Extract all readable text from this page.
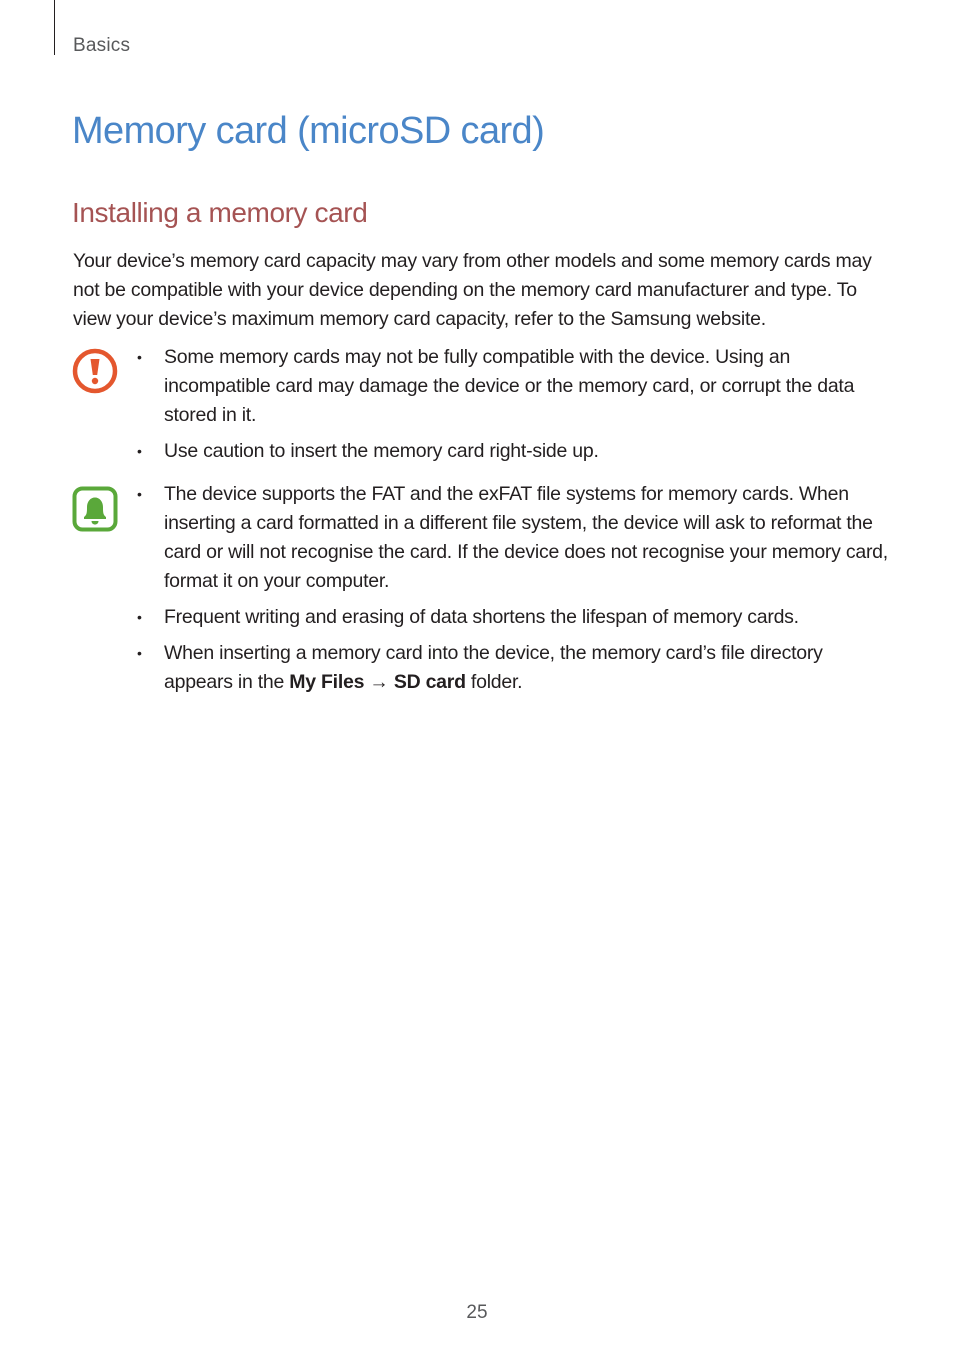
Basics
Memory card (microSD card)
Installing a memory card

Your device’s memory card capacity may vary from other models and some memory cards may not be compatible with your device depending on the memory card manufacturer and type. To view your device’s maximum memory card capacity, refer to the Samsung website.

• Some memory cards may not be fully compatible with the device. Using an incompatible card may damage the device or the memory card, or corrupt the data stored in it.
• Use caution to insert the memory card right-side up.
• The device supports the FAT and the exFAT file systems for memory cards. When inserting a card formatted in a different file system, the device will ask to reformat the card or will not recognise the card. If the device does not recognise your memory card, format it on your computer.
• Frequent writing and erasing of data shortens the lifespan of memory cards.
• When inserting a memory card into the device, the memory card’s file directory appears in the My Files → SD card folder.
25
